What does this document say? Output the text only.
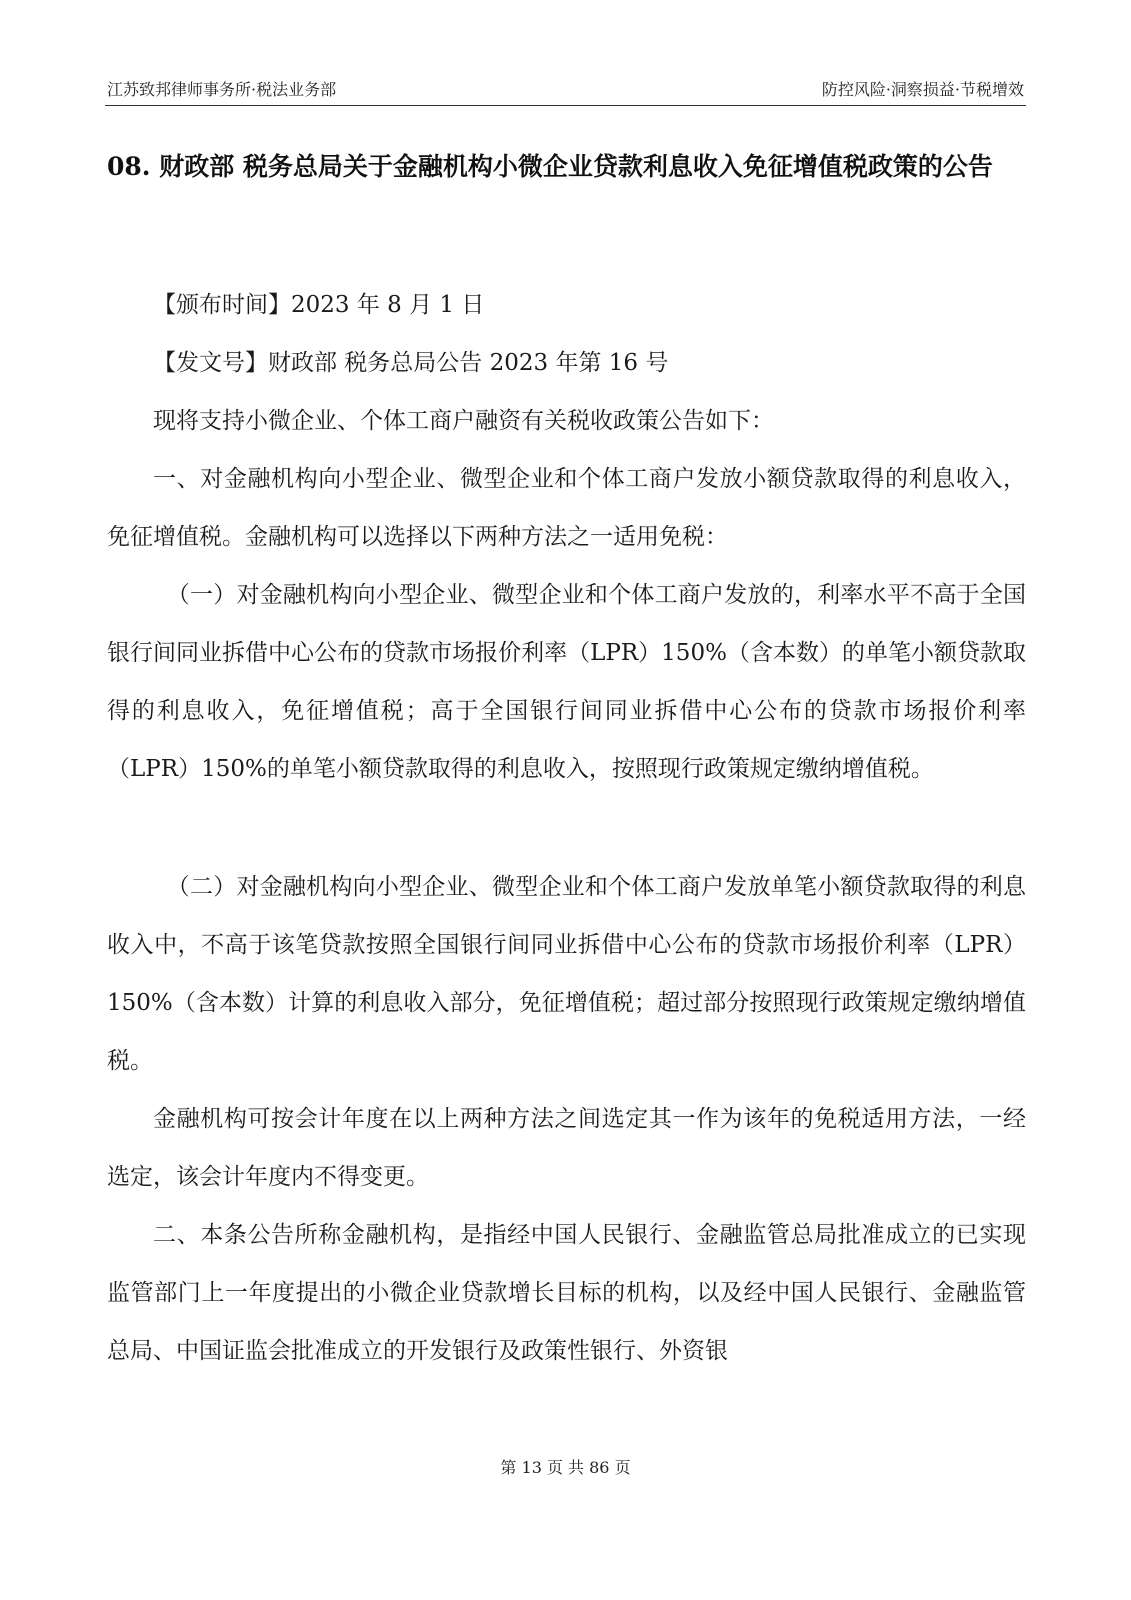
江苏致邦律师事务所·税法业务部	防控风险·洞察损益·节税增效
08. 财政部 税务总局关于金融机构小微企业贷款利息收入免征增值税政策的公告

【颁布时间】2023 年 8 月 1 日

【发文号】财政部 税务总局公告 2023 年第 16 号

现将支持小微企业、个体工商户融资有关税收政策公告如下：

一、对金融机构向小型企业、微型企业和个体工商户发放小额贷款取得的利息收入，免征增值税。金融机构可以选择以下两种方法之一适用免税：

（一）对金融机构向小型企业、微型企业和个体工商户发放的，利率水平不高于全国银行间同业拆借中心公布的贷款市场报价利率（LPR）150%（含本数）的单笔小额贷款取得的利息收入，免征增值税；高于全国银行间同业拆借中心公布的贷款市场报价利率（LPR）150%的单笔小额贷款取得的利息收入，按照现行政策规定缴纳增值税。

（二）对金融机构向小型企业、微型企业和个体工商户发放单笔小额贷款取得的利息收入中，不高于该笔贷款按照全国银行间同业拆借中心公布的贷款市场报价利率（LPR）150%（含本数）计算的利息收入部分，免征增值税；超过部分按照现行政策规定缴纳增值税。

金融机构可按会计年度在以上两种方法之间选定其一作为该年的免税适用方法，一经选定，该会计年度内不得变更。

二、本条公告所称金融机构，是指经中国人民银行、金融监管总局批准成立的已实现监管部门上一年度提出的小微企业贷款增长目标的机构，以及经中国人民银行、金融监管总局、中国证监会批准成立的开发银行及政策性银行、外资银

第 13 页 共 86 页
